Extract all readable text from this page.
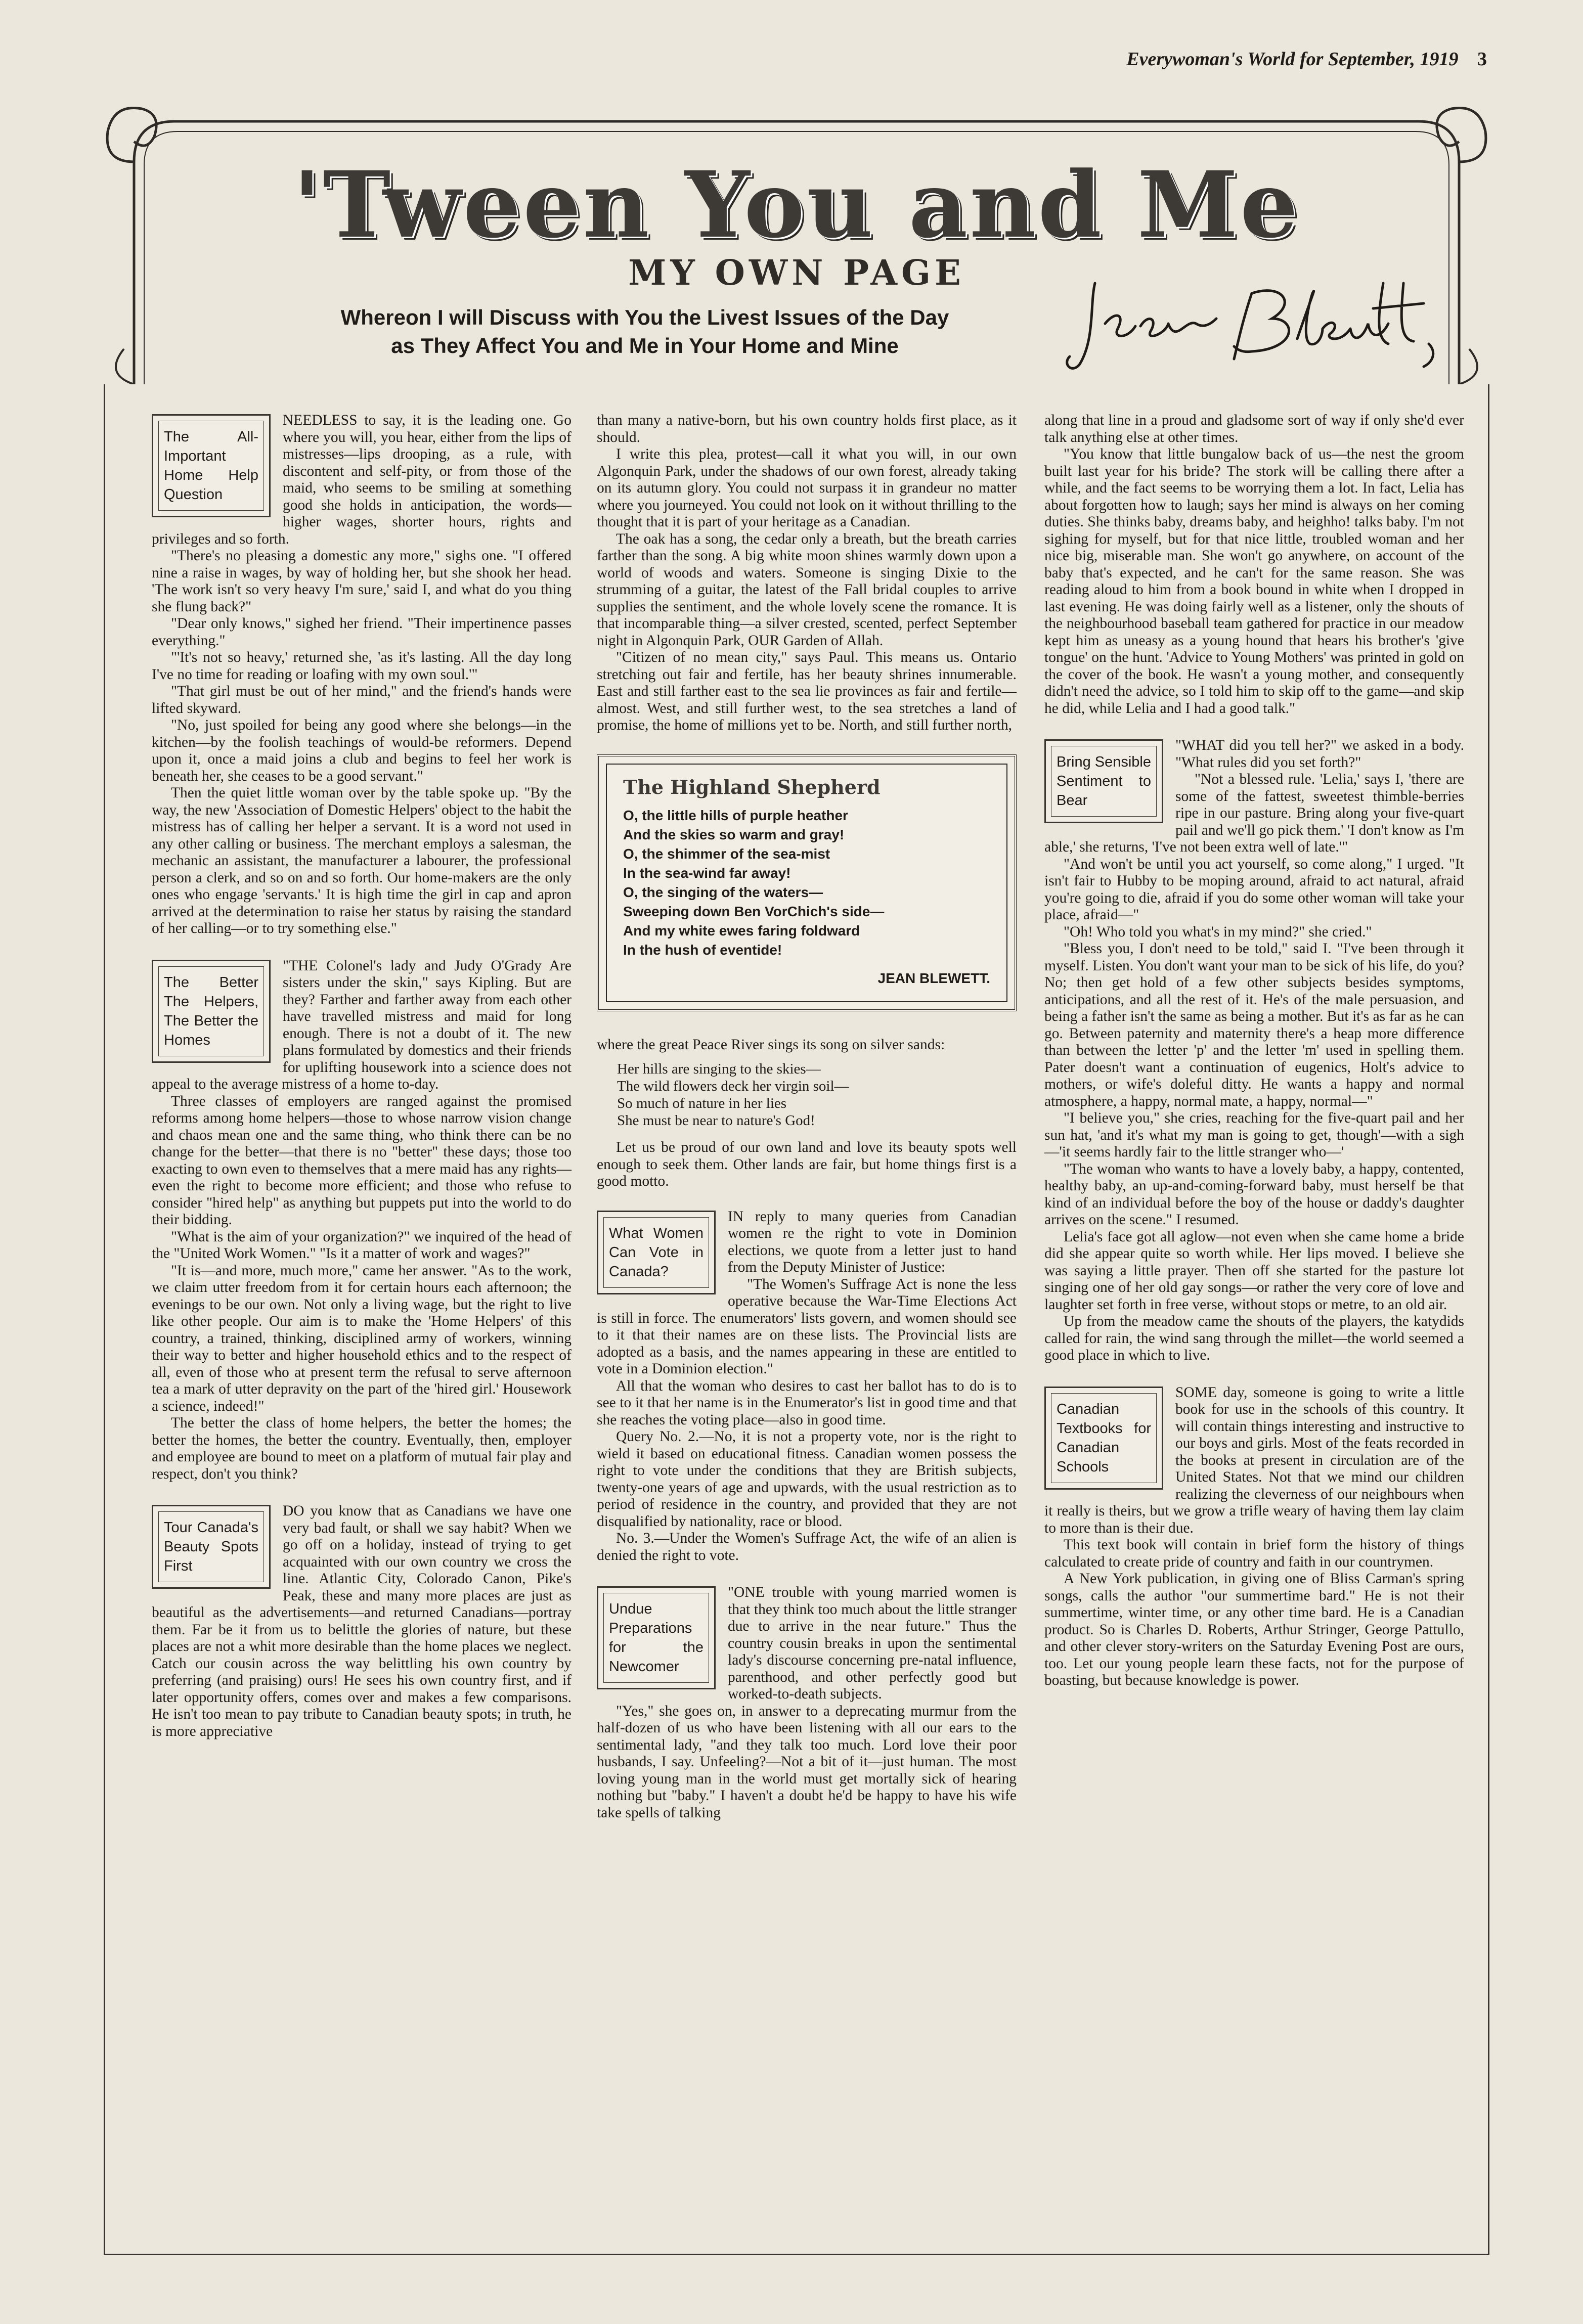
Everywoman's World for September, 1919 3
'Tween You and Me
MY OWN PAGE
Whereon I will Discuss with You the Livest Issues of the Day
as They Affect You and Me in Your Home and Mine
The All-Important Home Help Question

NEEDLESS to say, it is the leading one. Go where you will, you hear, either from the lips of mistresses—lips drooping, as a rule, with discontent and self-pity, or from those of the maid, who seems to be smiling at something good she holds in anticipation, the words—higher wages, shorter hours, rights and privileges and so forth.

"There's no pleasing a domestic any more," sighs one. "I offered nine a raise in wages, by way of holding her, but she shook her head. 'The work isn't so very heavy I'm sure,' said I, and what do you thing she flung back?"

"Dear only knows," sighed her friend. "Their impertinence passes everything."

"'It's not so heavy,' returned she, 'as it's lasting. All the day long I've no time for reading or loafing with my own soul.'"

"That girl must be out of her mind," and the friend's hands were lifted skyward.

"No, just spoiled for being any good where she belongs—in the kitchen—by the foolish teachings of would-be reformers. Depend upon it, once a maid joins a club and begins to feel her work is beneath her, she ceases to be a good servant."

Then the quiet little woman over by the table spoke up. "By the way, the new 'Association of Domestic Helpers' object to the habit the mistress has of calling her helper a servant. It is a word not used in any other calling or business. The merchant employs a salesman, the mechanic an assistant, the manufacturer a labourer, the professional person a clerk, and so on and so forth. Our home-makers are the only ones who engage 'servants.' It is high time the girl in cap and apron arrived at the determination to raise her status by raising the standard of her calling—or to try something else."

The Better The Helpers, The Better the Homes

"THE Colonel's lady and Judy O'Grady Are sisters under the skin," says Kipling. But are they? Farther and farther away from each other have travelled mistress and maid for long enough. There is not a doubt of it. The new plans formulated by domestics and their friends for uplifting housework into a science does not appeal to the average mistress of a home to-day.

Three classes of employers are ranged against the promised reforms among home helpers—those to whose narrow vision change and chaos mean one and the same thing, who think there can be no change for the better—that there is no "better" these days; those too exacting to own even to themselves that a mere maid has any rights—even the right to become more efficient; and those who refuse to consider "hired help" as anything but puppets put into the world to do their bidding.

"What is the aim of your organization?" we inquired of the head of the "United Work Women." "Is it a matter of work and wages?"

"It is—and more, much more," came her answer. "As to the work, we claim utter freedom from it for certain hours each afternoon; the evenings to be our own. Not only a living wage, but the right to live like other people. Our aim is to make the 'Home Helpers' of this country, a trained, thinking, disciplined army of workers, winning their way to better and higher household ethics and to the respect of all, even of those who at present term the refusal to serve afternoon tea a mark of utter depravity on the part of the 'hired girl.' Housework a science, indeed!"

The better the class of home helpers, the better the homes; the better the homes, the better the country. Eventually, then, employer and employee are bound to meet on a platform of mutual fair play and respect, don't you think?

Tour Canada's Beauty Spots First

DO you know that as Canadians we have one very bad fault, or shall we say habit? When we go off on a holiday, instead of trying to get acquainted with our own country we cross the line. Atlantic City, Colorado Canon, Pike's Peak, these and many more places are just as beautiful as the advertisements—and returned Canadians—portray them. Far be it from us to belittle the glories of nature, but these places are not a whit more desirable than the home places we neglect. Catch our cousin across the way belittling his own country by preferring (and praising) ours! He sees his own country first, and if later opportunity offers, comes over and makes a few comparisons. He isn't too mean to pay tribute to Canadian beauty spots; in truth, he is more appreciative

than many a native-born, but his own country holds first place, as it should.

I write this plea, protest—call it what you will, in our own Algonquin Park, under the shadows of our own forest, already taking on its autumn glory. You could not surpass it in grandeur no matter where you journeyed. You could not look on it without thrilling to the thought that it is part of your heritage as a Canadian.

The oak has a song, the cedar only a breath, but the breath carries farther than the song. A big white moon shines warmly down upon a world of woods and waters. Someone is singing Dixie to the strumming of a guitar, the latest of the Fall bridal couples to arrive supplies the sentiment, and the whole lovely scene the romance. It is that incomparable thing—a silver crested, scented, perfect September night in Algonquin Park, OUR Garden of Allah.

"Citizen of no mean city," says Paul. This means us. Ontario stretching out fair and fertile, has her beauty shrines innumerable. East and still farther east to the sea lie provinces as fair and fertile—almost. West, and still further west, to the sea stretches a land of promise, the home of millions yet to be. North, and still further north,

The Highland Shepherd
O, the little hills of purple heather
And the skies so warm and gray!
O, the shimmer of the sea-mist
In the sea-wind far away!
O, the singing of the waters—
Sweeping down Ben VorChich's side—
And my white ewes faring foldward
In the hush of eventide!
JEAN BLEWETT.

where the great Peace River sings its song on silver sands:

Her hills are singing to the skies—
The wild flowers deck her virgin soil—
So much of nature in her lies
She must be near to nature's God!

Let us be proud of our own land and love its beauty spots well enough to seek them. Other lands are fair, but home things first is a good motto.

What Women Can Vote in Canada?

IN reply to many queries from Canadian women re the right to vote in Dominion elections, we quote from a letter just to hand from the Deputy Minister of Justice:

"The Women's Suffrage Act is none the less operative because the War-Time Elections Act is still in force. The enumerators' lists govern, and women should see to it that their names are on these lists. The Provincial lists are adopted as a basis, and the names appearing in these are entitled to vote in a Dominion election."

All that the woman who desires to cast her ballot has to do is to see to it that her name is in the Enumerator's list in good time and that she reaches the voting place—also in good time.

Query No. 2.—No, it is not a property vote, nor is the right to wield it based on educational fitness. Canadian women possess the right to vote under the conditions that they are British subjects, twenty-one years of age and upwards, with the usual restriction as to period of residence in the country, and provided that they are not disqualified by nationality, race or blood.

No. 3.—Under the Women's Suffrage Act, the wife of an alien is denied the right to vote.

Undue Preparations for the Newcomer

"ONE trouble with young married women is that they think too much about the little stranger due to arrive in the near future." Thus the country cousin breaks in upon the sentimental lady's discourse concerning pre-natal influence, parenthood, and other perfectly good but worked-to-death subjects.

"Yes," she goes on, in answer to a deprecating murmur from the half-dozen of us who have been listening with all our ears to the sentimental lady, "and they talk too much. Lord love their poor husbands, I say. Unfeeling?—Not a bit of it—just human. The most loving young man in the world must get mortally sick of hearing nothing but "baby." I haven't a doubt he'd be happy to have his wife take spells of talking

along that line in a proud and gladsome sort of way if only she'd ever talk anything else at other times.

"You know that little bungalow back of us—the nest the groom built last year for his bride? The stork will be calling there after a while, and the fact seems to be worrying them a lot. In fact, Lelia has about forgotten how to laugh; says her mind is always on her coming duties. She thinks baby, dreams baby, and heighho! talks baby. I'm not sighing for myself, but for that nice little, troubled woman and her nice big, miserable man. She won't go anywhere, on account of the baby that's expected, and he can't for the same reason. She was reading aloud to him from a book bound in white when I dropped in last evening. He was doing fairly well as a listener, only the shouts of the neighbourhood baseball team gathered for practice in our meadow kept him as uneasy as a young hound that hears his brother's 'give tongue' on the hunt. 'Advice to Young Mothers' was printed in gold on the cover of the book. He wasn't a young mother, and consequently didn't need the advice, so I told him to skip off to the game—and skip he did, while Lelia and I had a good talk."

Bring Sensible Sentiment to Bear

"WHAT did you tell her?" we asked in a body. "What rules did you set forth?"

"Not a blessed rule. 'Lelia,' says I, 'there are some of the fattest, sweetest thimble-berries ripe in our pasture. Bring along your five-quart pail and we'll go pick them.' 'I don't know as I'm able,' she returns, 'I've not been extra well of late.'"

"And won't be until you act yourself, so come along," I urged. "It isn't fair to Hubby to be moping around, afraid to act natural, afraid you're going to die, afraid if you do some other woman will take your place, afraid—"

"Oh! Who told you what's in my mind?" she cried."

"Bless you, I don't need to be told," said I. "I've been through it myself. Listen. You don't want your man to be sick of his life, do you? No; then get hold of a few other subjects besides symptoms, anticipations, and all the rest of it. He's of the male persuasion, and being a father isn't the same as being a mother. But it's as far as he can go. Between paternity and maternity there's a heap more difference than between the letter 'p' and the letter 'm' used in spelling them. Pater doesn't want a continuation of eugenics, Holt's advice to mothers, or wife's doleful ditty. He wants a happy and normal atmosphere, a happy, normal mate, a happy, normal—"

"I believe you," she cries, reaching for the five-quart pail and her sun hat, 'and it's what my man is going to get, though'—with a sigh—'it seems hardly fair to the little stranger who—'

"The woman who wants to have a lovely baby, a happy, contented, healthy baby, an up-and-coming-forward baby, must herself be that kind of an individual before the boy of the house or daddy's daughter arrives on the scene." I resumed.

Lelia's face got all aglow—not even when she came home a bride did she appear quite so worth while. Her lips moved. I believe she was saying a little prayer. Then off she started for the pasture lot singing one of her old gay songs—or rather the very core of love and laughter set forth in free verse, without stops or metre, to an old air.

Up from the meadow came the shouts of the players, the katydids called for rain, the wind sang through the millet—the world seemed a good place in which to live.

Canadian Textbooks for Canadian Schools

SOME day, someone is going to write a little book for use in the schools of this country. It will contain things interesting and instructive to our boys and girls. Most of the feats recorded in the books at present in circulation are of the United States. Not that we mind our children realizing the cleverness of our neighbours when it really is theirs, but we grow a trifle weary of having them lay claim to more than is their due.

This text book will contain in brief form the history of things calculated to create pride of country and faith in our countrymen.

A New York publication, in giving one of Bliss Carman's spring songs, calls the author "our summertime bard." He is not their summertime, winter time, or any other time bard. He is a Canadian product. So is Charles D. Roberts, Arthur Stringer, George Pattullo, and other clever story-writers on the Saturday Evening Post are ours, too. Let our young people learn these facts, not for the purpose of boasting, but because knowledge is power.
